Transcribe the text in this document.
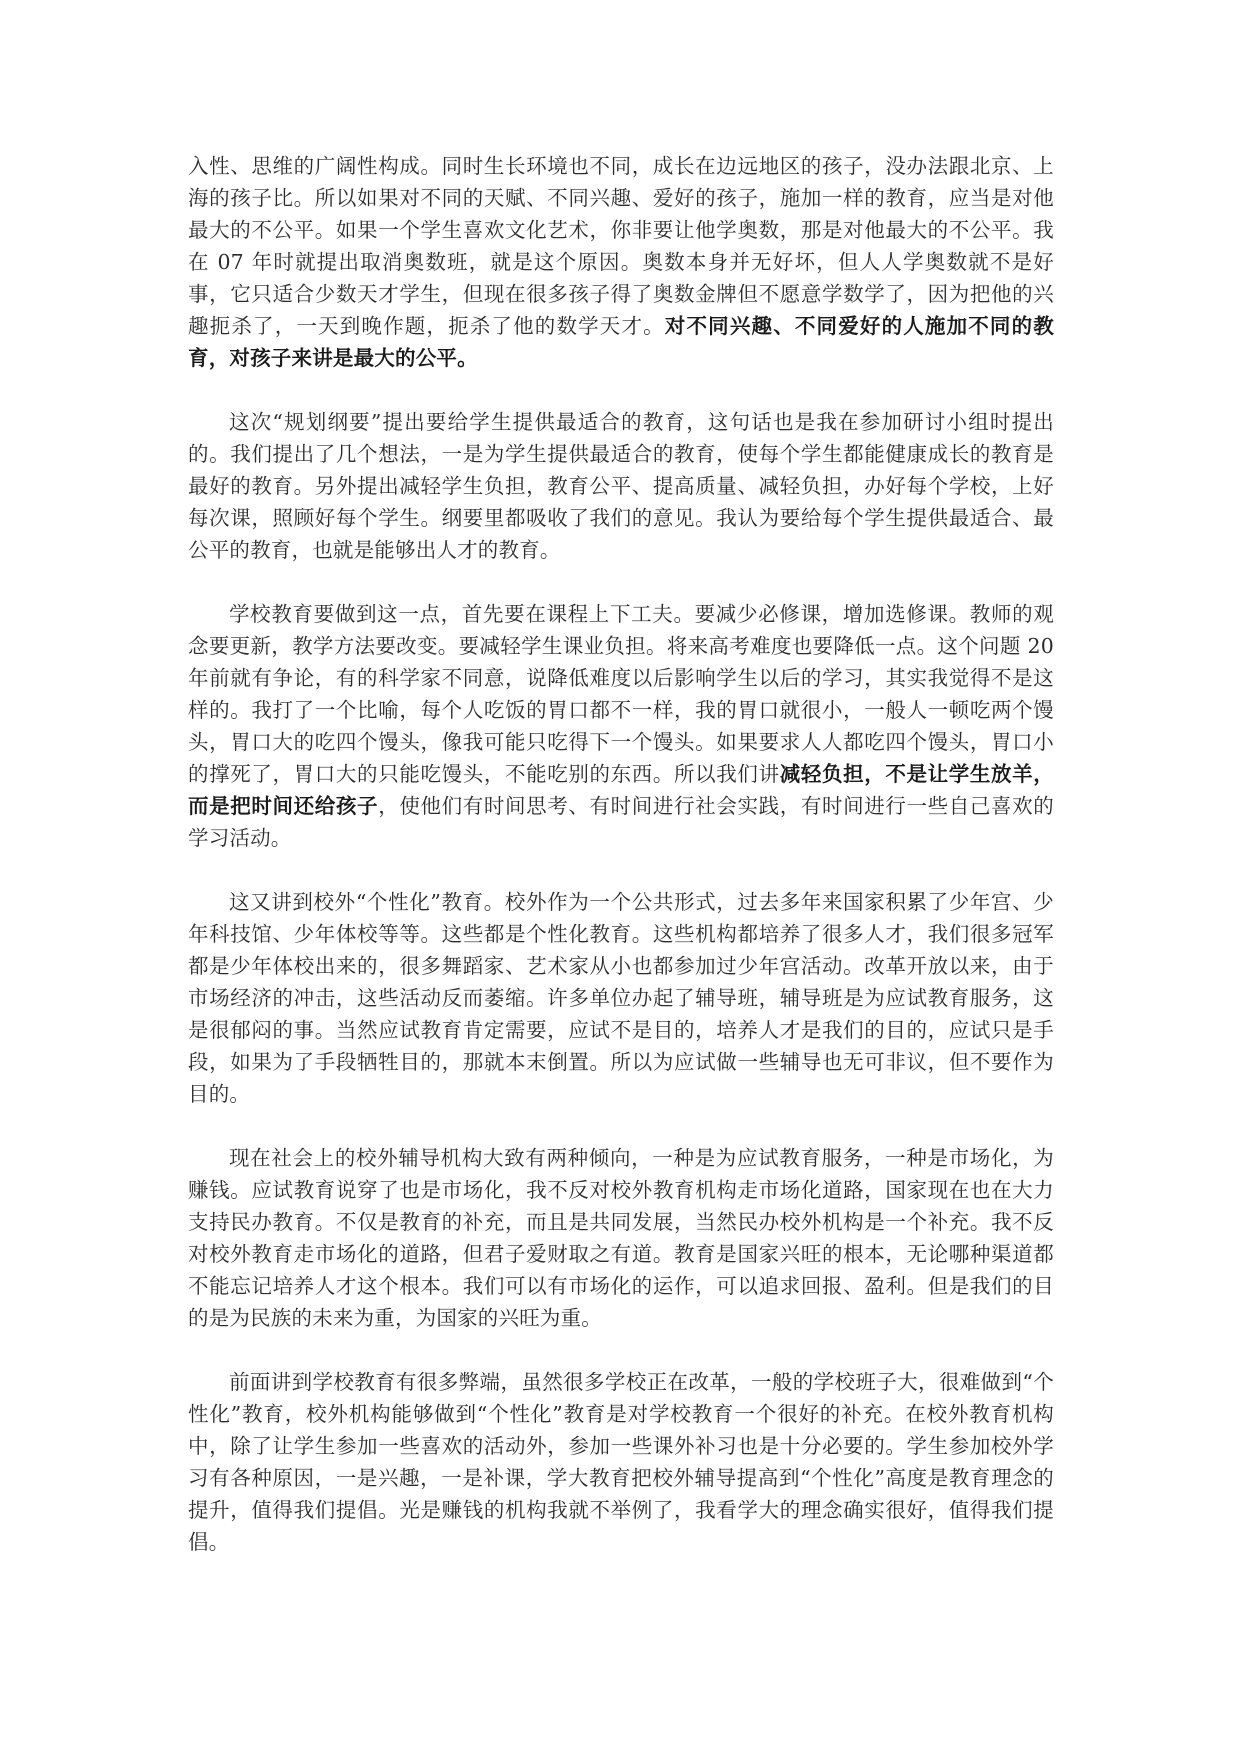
入性、思维的广阔性构成。同时生长环境也不同，成长在边远地区的孩子，没办法跟北京、上海的孩子比。所以如果对不同的天赋、不同兴趣、爱好的孩子，施加一样的教育，应当是对他最大的不公平。如果一个学生喜欢文化艺术，你非要让他学奥数，那是对他最大的不公平。我在 07 年时就提出取消奥数班，就是这个原因。奥数本身并无好坏，但人人学奥数就不是好事，它只适合少数天才学生，但现在很多孩子得了奥数金牌但不愿意学数学了，因为把他的兴趣扼杀了，一天到晚作题，扼杀了他的数学天才。对不同兴趣、不同爱好的人施加不同的教育，对孩子来讲是最大的公平。

这次“规划纲要”提出要给学生提供最适合的教育，这句话也是我在参加研讨小组时提出的。我们提出了几个想法，一是为学生提供最适合的教育，使每个学生都能健康成长的教育是最好的教育。另外提出减轻学生负担，教育公平、提高质量、减轻负担，办好每个学校，上好每次课，照顾好每个学生。纲要里都吸收了我们的意见。我认为要给每个学生提供最适合、最公平的教育，也就是能够出人才的教育。

学校教育要做到这一点，首先要在课程上下工夫。要减少必修课，增加选修课。教师的观念要更新，教学方法要改变。要减轻学生课业负担。将来高考难度也要降低一点。这个问题 20 年前就有争论，有的科学家不同意，说降低难度以后影响学生以后的学习，其实我觉得不是这样的。我打了一个比喻，每个人吃饭的胃口都不一样，我的胃口就很小，一般人一顿吃两个馒头，胃口大的吃四个馒头，像我可能只吃得下一个馒头。如果要求人人都吃四个馒头，胃口小的撑死了，胃口大的只能吃馒头，不能吃别的东西。所以我们讲减轻负担，不是让学生放羊，而是把时间还给孩子，使他们有时间思考、有时间进行社会实践，有时间进行一些自己喜欢的学习活动。

这又讲到校外“个性化”教育。校外作为一个公共形式，过去多年来国家积累了少年宫、少年科技馆、少年体校等等。这些都是个性化教育。这些机构都培养了很多人才，我们很多冠军都是少年体校出来的，很多舞蹈家、艺术家从小也都参加过少年宫活动。改革开放以来，由于市场经济的冲击，这些活动反而萎缩。许多单位办起了辅导班，辅导班是为应试教育服务，这是很郁闷的事。当然应试教育肯定需要，应试不是目的，培养人才是我们的目的，应试只是手段，如果为了手段牺牲目的，那就本末倒置。所以为应试做一些辅导也无可非议，但不要作为目的。

现在社会上的校外辅导机构大致有两种倾向，一种是为应试教育服务，一种是市场化，为赚钱。应试教育说穿了也是市场化，我不反对校外教育机构走市场化道路，国家现在也在大力支持民办教育。不仅是教育的补充，而且是共同发展，当然民办校外机构是一个补充。我不反对校外教育走市场化的道路，但君子爱财取之有道。教育是国家兴旺的根本，无论哪种渠道都不能忘记培养人才这个根本。我们可以有市场化的运作，可以追求回报、盈利。但是我们的目的是为民族的未来为重，为国家的兴旺为重。

前面讲到学校教育有很多弊端，虽然很多学校正在改革，一般的学校班子大，很难做到“个性化”教育，校外机构能够做到“个性化”教育是对学校教育一个很好的补充。在校外教育机构中，除了让学生参加一些喜欢的活动外，参加一些课外补习也是十分必要的。学生参加校外学习有各种原因，一是兴趣，一是补课，学大教育把校外辅导提高到“个性化”高度是教育理念的提升，值得我们提倡。光是赚钱的机构我就不举例了，我看学大的理念确实很好，值得我们提倡。
